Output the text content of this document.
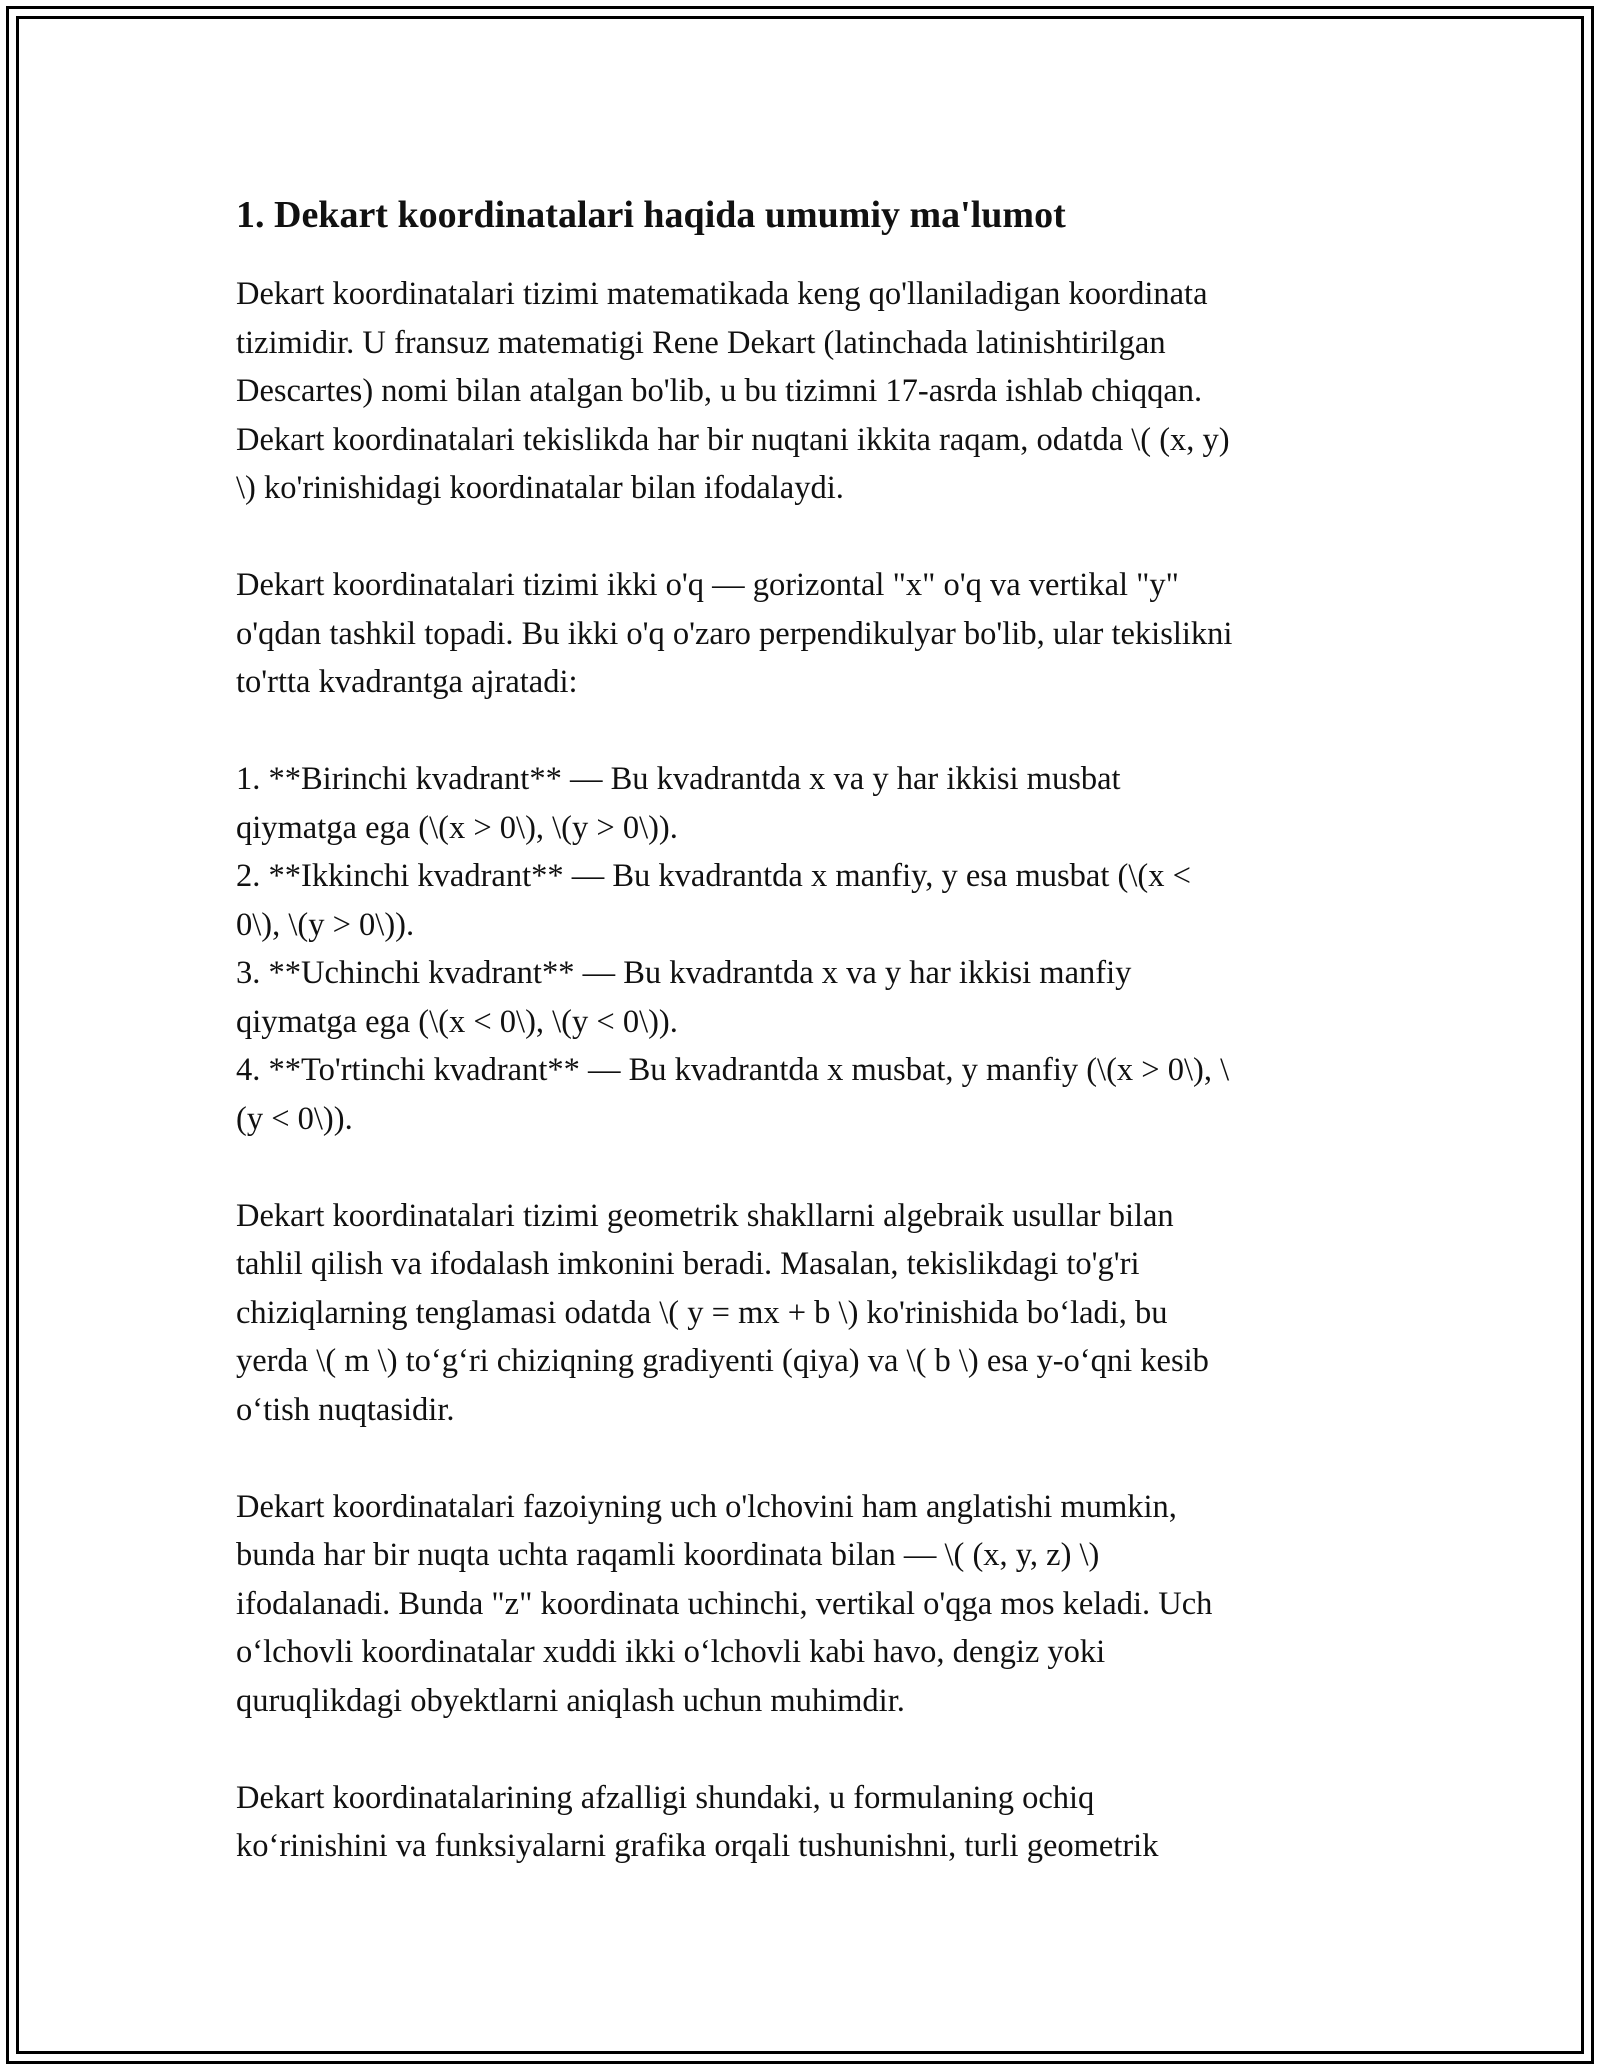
1. Dekart koordinatalari haqida umumiy ma'lumot

Dekart koordinatalari tizimi matematikada keng qo'llaniladigan koordinata
tizimidir. U fransuz matematigi Rene Dekart (latinchada latinishtirilgan
Descartes) nomi bilan atalgan bo'lib, u bu tizimni 17-asrda ishlab chiqqan.
Dekart koordinatalari tekislikda har bir nuqtani ikkita raqam, odatda \( (x, y)
\) ko'rinishidagi koordinatalar bilan ifodalaydi.

Dekart koordinatalari tizimi ikki o'q — gorizontal "x" o'q va vertikal "y"
o'qdan tashkil topadi. Bu ikki o'q o'zaro perpendikulyar bo'lib, ular tekislikni
to'rtta kvadrantga ajratadi:

1. **Birinchi kvadrant** — Bu kvadrantda x va y har ikkisi musbat
qiymatga ega (\(x > 0\), \(y > 0\)).
2. **Ikkinchi kvadrant** — Bu kvadrantda x manfiy, y esa musbat (\(x <
0\), \(y > 0\)).
3. **Uchinchi kvadrant** — Bu kvadrantda x va y har ikkisi manfiy
qiymatga ega (\(x < 0\), \(y < 0\)).
4. **To'rtinchi kvadrant** — Bu kvadrantda x musbat, y manfiy (\(x > 0\), \
(y < 0\)).

Dekart koordinatalari tizimi geometrik shakllarni algebraik usullar bilan
tahlil qilish va ifodalash imkonini beradi. Masalan, tekislikdagi to'g'ri
chiziqlarning tenglamasi odatda \( y = mx + b \) ko'rinishida boʻladi, bu
yerda \( m \) toʻgʻri chiziqning gradiyenti (qiya) va \( b \) esa y-oʻqni kesib
oʻtish nuqtasidir.

Dekart koordinatalari fazoiyning uch o'lchovini ham anglatishi mumkin,
bunda har bir nuqta uchta raqamli koordinata bilan — \( (x, y, z) \)
ifodalanadi. Bunda "z" koordinata uchinchi, vertikal o'qga mos keladi. Uch
oʻlchovli koordinatalar xuddi ikki oʻlchovli kabi havo, dengiz yoki
quruqlikdagi obyektlarni aniqlash uchun muhimdir.

Dekart koordinatalarining afzalligi shundaki, u formulaning ochiq
koʻrinishini va funksiyalarni grafika orqali tushunishni, turli geometrik
